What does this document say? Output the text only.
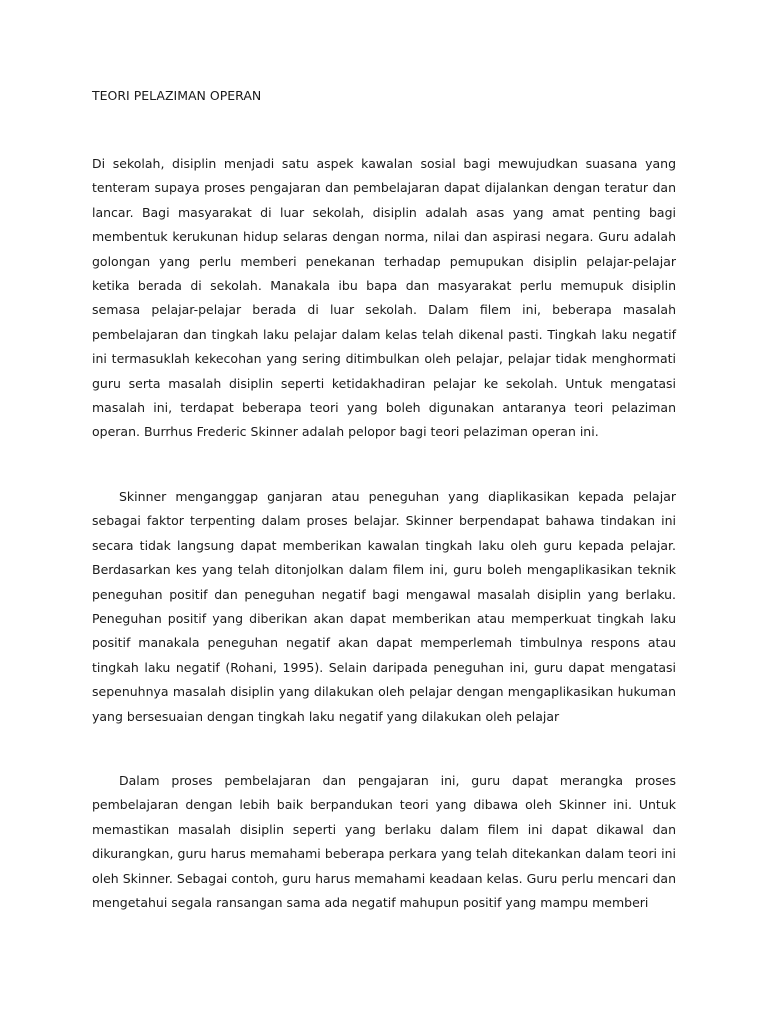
TEORI PELAZIMAN OPERAN

Di sekolah, disiplin menjadi satu aspek kawalan sosial bagi mewujudkan suasana yang tenteram supaya proses pengajaran dan pembelajaran dapat dijalankan dengan teratur dan lancar. Bagi masyarakat di luar sekolah, disiplin adalah asas yang amat penting bagi membentuk kerukunan hidup selaras dengan norma, nilai dan aspirasi negara. Guru adalah golongan yang perlu memberi penekanan terhadap pemupukan disiplin pelajar-pelajar ketika berada di sekolah. Manakala ibu bapa dan masyarakat perlu memupuk disiplin semasa pelajar-pelajar berada di luar sekolah. Dalam filem ini, beberapa masalah pembelajaran dan tingkah laku pelajar dalam kelas telah dikenal pasti. Tingkah laku negatif ini termasuklah kekecohan yang sering ditimbulkan oleh pelajar, pelajar tidak menghormati guru serta masalah disiplin seperti ketidakhadiran pelajar ke sekolah. Untuk mengatasi masalah ini, terdapat beberapa teori yang boleh digunakan antaranya teori pelaziman operan. Burrhus Frederic Skinner adalah pelopor bagi teori pelaziman operan ini.

Skinner menganggap ganjaran atau peneguhan yang diaplikasikan kepada pelajar sebagai faktor terpenting dalam proses belajar. Skinner berpendapat bahawa tindakan ini secara tidak langsung dapat memberikan kawalan tingkah laku oleh guru kepada pelajar. Berdasarkan kes yang telah ditonjolkan dalam filem ini, guru boleh mengaplikasikan teknik peneguhan positif dan peneguhan negatif bagi mengawal masalah disiplin yang berlaku. Peneguhan positif yang diberikan akan dapat memberikan atau memperkuat tingkah laku positif manakala peneguhan negatif akan dapat memperlemah timbulnya respons atau tingkah laku negatif (Rohani, 1995). Selain daripada peneguhan ini, guru dapat mengatasi sepenuhnya masalah disiplin yang dilakukan oleh pelajar dengan mengaplikasikan hukuman yang bersesuaian dengan tingkah laku negatif yang dilakukan oleh pelajar

Dalam proses pembelajaran dan pengajaran ini, guru dapat merangka proses pembelajaran dengan lebih baik berpandukan teori yang dibawa oleh Skinner ini. Untuk memastikan masalah disiplin seperti yang berlaku dalam filem ini dapat dikawal dan dikurangkan, guru harus memahami beberapa perkara yang telah ditekankan dalam teori ini oleh Skinner. Sebagai contoh, guru harus memahami keadaan kelas. Guru perlu mencari dan mengetahui segala ransangan sama ada negatif mahupun positif yang mampu memberi
